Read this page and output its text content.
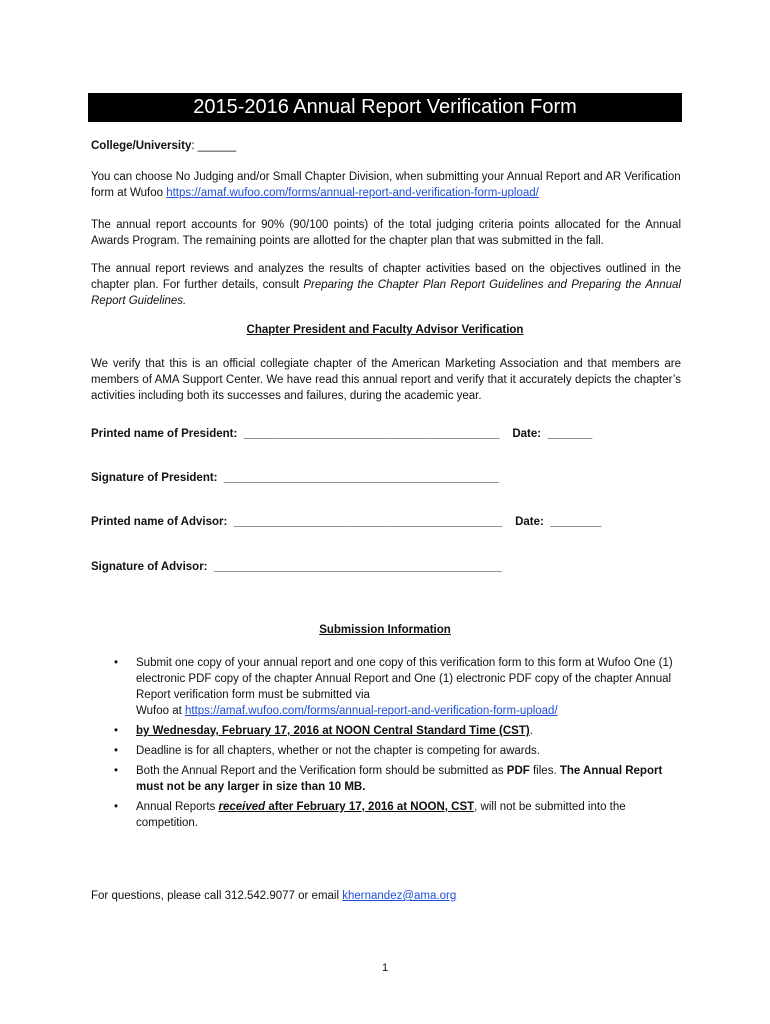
2015-2016 Annual Report Verification Form
College/University: ______
You can choose No Judging and/or Small Chapter Division, when submitting your Annual Report and AR Verification form at Wufoo https://amaf.wufoo.com/forms/annual-report-and-verification-form-upload/
The annual report accounts for 90% (90/100 points) of the total judging criteria points allocated for the Annual Awards Program. The remaining points are allotted for the chapter plan that was submitted in the fall.
The annual report reviews and analyzes the results of chapter activities based on the objectives outlined in the chapter plan. For further details, consult Preparing the Chapter Plan Report Guidelines and Preparing the Annual Report Guidelines.
Chapter President and Faculty Advisor Verification
We verify that this is an official collegiate chapter of the American Marketing Association and that members are members of AMA Support Center. We have read this annual report and verify that it accurately depicts the chapter’s activities including both its successes and failures, during the academic year.
Printed name of President:  ________________________________________    Date:  _______
Signature of President:  ___________________________________________
Printed name of Advisor:  __________________________________________    Date:  ________
Signature of Advisor:  _____________________________________________
Submission Information
• Submit one copy of your annual report and one copy of this verification form to this form at Wufoo One (1) electronic PDF copy of the chapter Annual Report and One (1) electronic PDF copy of the chapter Annual Report verification form must be submitted via
Wufoo at https://amaf.wufoo.com/forms/annual-report-and-verification-form-upload/
• by Wednesday, February 17, 2016 at NOON Central Standard Time (CST).
• Deadline is for all chapters, whether or not the chapter is competing for awards.
• Both the Annual Report and the Verification form should be submitted as PDF files. The Annual Report must not be any larger in size than 10 MB.
• Annual Reports received after February 17, 2016 at NOON, CST, will not be submitted into the competition.
For questions, please call 312.542.9077 or email khernandez@ama.org
1
